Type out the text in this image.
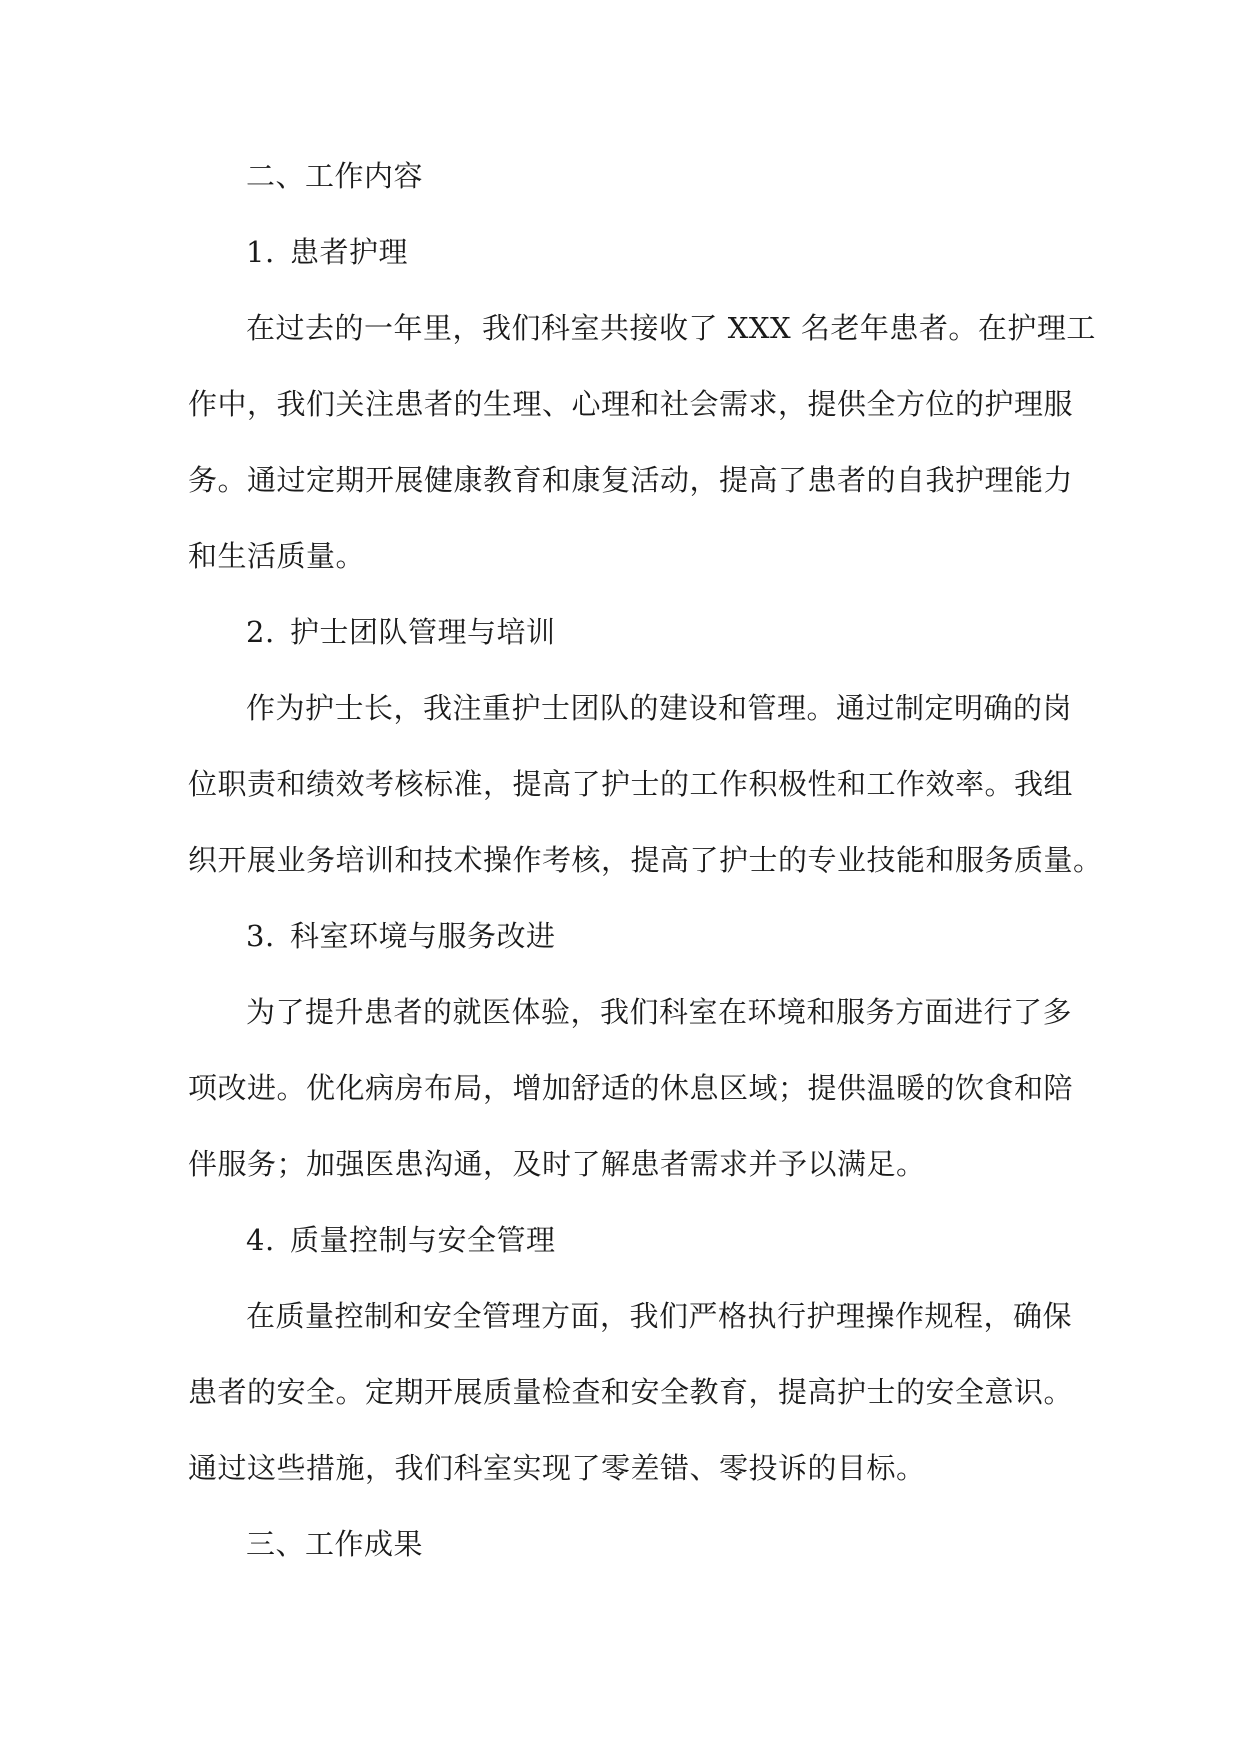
二、工作内容
1. 患者护理
在过去的一年里，我们科室共接收了 XXX 名老年患者。在护理工
作中，我们关注患者的生理、心理和社会需求，提供全方位的护理服
务。通过定期开展健康教育和康复活动，提高了患者的自我护理能力
和生活质量。
2. 护士团队管理与培训
作为护士长，我注重护士团队的建设和管理。通过制定明确的岗
位职责和绩效考核标准，提高了护士的工作积极性和工作效率。我组
织开展业务培训和技术操作考核，提高了护士的专业技能和服务质量。
3. 科室环境与服务改进
为了提升患者的就医体验，我们科室在环境和服务方面进行了多
项改进。优化病房布局，增加舒适的休息区域；提供温暖的饮食和陪
伴服务；加强医患沟通，及时了解患者需求并予以满足。
4. 质量控制与安全管理
在质量控制和安全管理方面，我们严格执行护理操作规程，确保
患者的安全。定期开展质量检查和安全教育，提高护士的安全意识。
通过这些措施，我们科室实现了零差错、零投诉的目标。
三、工作成果
